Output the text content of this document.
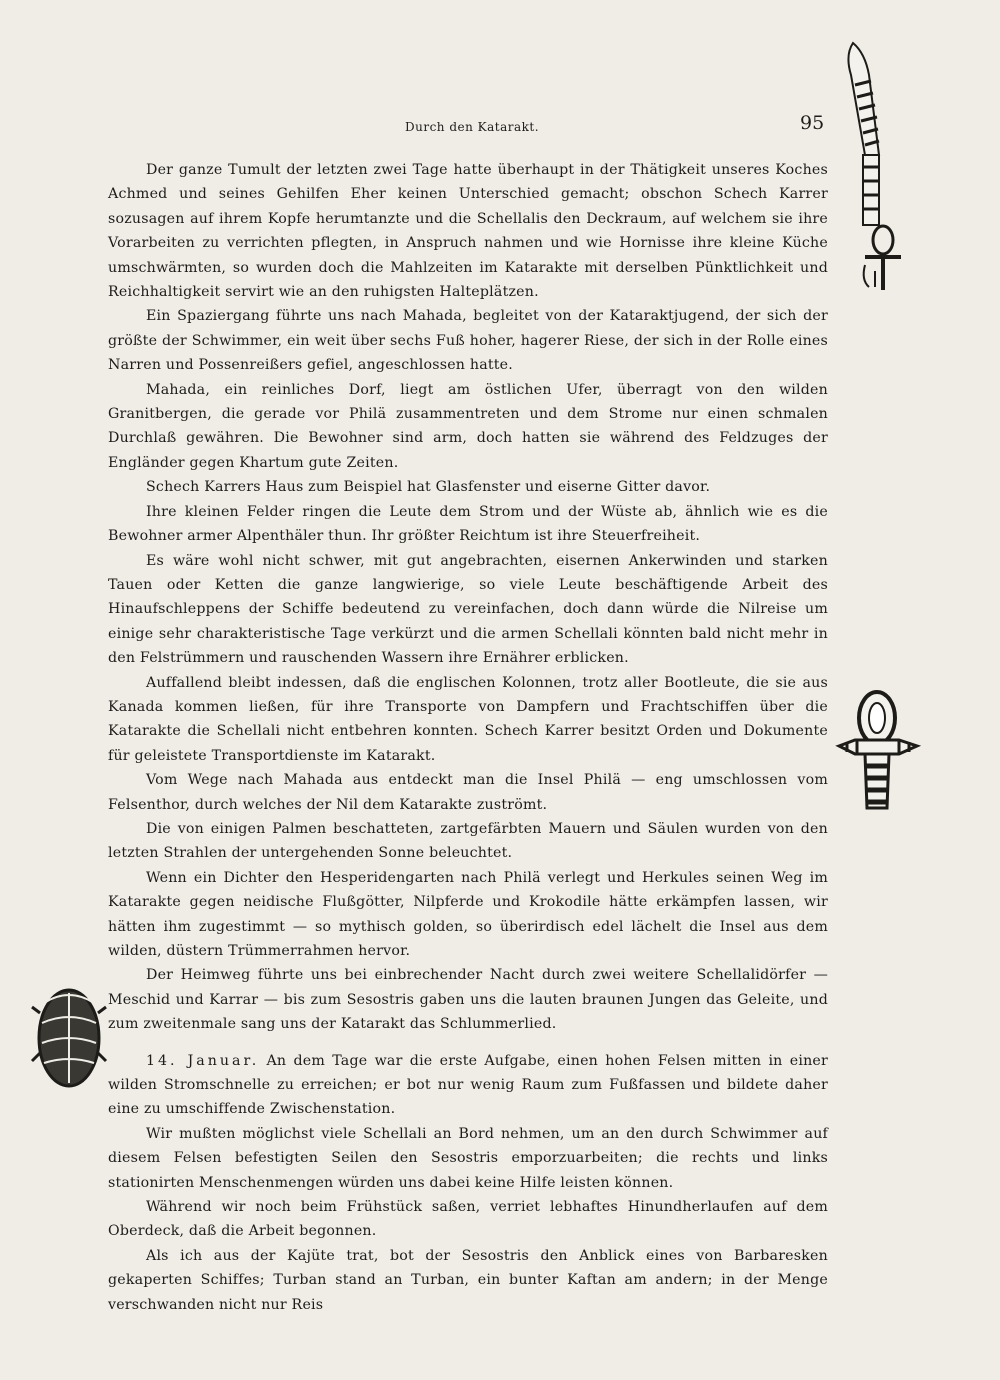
Durch den Katarakt.	95

Der ganze Tumult der letzten zwei Tage hatte überhaupt in der Thätigkeit unseres Koches Achmed und seines Gehilfen Eher keinen Unterschied gemacht; obschon Schech Karrer sozusagen auf ihrem Kopfe herumtanzte und die Schellalis den Deckraum, auf welchem sie ihre Vorarbeiten zu verrichten pflegten, in Anspruch nahmen und wie Hornisse ihre kleine Küche umschwärmten, so wurden doch die Mahlzeiten im Katarakte mit derselben Pünktlichkeit und Reichhaltigkeit servirt wie an den ruhigsten Halteplätzen.

Ein Spaziergang führte uns nach Mahada, begleitet von der Kataraktjugend, der sich der größte der Schwimmer, ein weit über sechs Fuß hoher, hagerer Riese, der sich in der Rolle eines Narren und Possenreißers gefiel, angeschlossen hatte.

Mahada, ein reinliches Dorf, liegt am östlichen Ufer, überragt von den wilden Granitbergen, die gerade vor Philä zusammentreten und dem Strome nur einen schmalen Durchlaß gewähren. Die Bewohner sind arm, doch hatten sie während des Feldzuges der Engländer gegen Khartum gute Zeiten.

Schech Karrers Haus zum Beispiel hat Glasfenster und eiserne Gitter davor.

Ihre kleinen Felder ringen die Leute dem Strom und der Wüste ab, ähnlich wie es die Bewohner armer Alpenthäler thun. Ihr größter Reichtum ist ihre Steuerfreiheit.

Es wäre wohl nicht schwer, mit gut angebrachten, eisernen Ankerwinden und starken Tauen oder Ketten die ganze langwierige, so viele Leute beschäftigende Arbeit des Hinaufschleppens der Schiffe bedeutend zu vereinfachen, doch dann würde die Nilreise um einige sehr charakteristische Tage verkürzt und die armen Schellali könnten bald nicht mehr in den Felstrümmern und rauschenden Wassern ihre Ernährer erblicken.

Auffallend bleibt indessen, daß die englischen Kolonnen, trotz aller Bootleute, die sie aus Kanada kommen ließen, für ihre Transporte von Dampfern und Frachtschiffen über die Katarakte die Schellali nicht entbehren konnten. Schech Karrer besitzt Orden und Dokumente für geleistete Transportdienste im Katarakt.

Vom Wege nach Mahada aus entdeckt man die Insel Philä — eng umschlossen vom Felsenthor, durch welches der Nil dem Katarakte zuströmt.

Die von einigen Palmen beschatteten, zartgefärbten Mauern und Säulen wurden von den letzten Strahlen der untergehenden Sonne beleuchtet.

Wenn ein Dichter den Hesperidengarten nach Philä verlegt und Herkules seinen Weg im Katarakte gegen neidische Flußgötter, Nilpferde und Krokodile hätte erkämpfen lassen, wir hätten ihm zugestimmt — so mythisch golden, so überirdisch edel lächelt die Insel aus dem wilden, düstern Trümmerrahmen hervor.

Der Heimweg führte uns bei einbrechender Nacht durch zwei weitere Schellalidörfer — Meschid und Karrar — bis zum Sesostris gaben uns die lauten braunen Jungen das Geleite, und zum zweitenmale sang uns der Katarakt das Schlummerlied.

14. Januar. An dem Tage war die erste Aufgabe, einen hohen Felsen mitten in einer wilden Stromschnelle zu erreichen; er bot nur wenig Raum zum Fußfassen und bildete daher eine zu umschiffende Zwischenstation.

Wir mußten möglichst viele Schellali an Bord nehmen, um an den durch Schwimmer auf diesem Felsen befestigten Seilen den Sesostris emporzuarbeiten; die rechts und links stationirten Menschenmengen würden uns dabei keine Hilfe leisten können.

Während wir noch beim Frühstück saßen, verriet lebhaftes Hinundherlaufen auf dem Oberdeck, daß die Arbeit begonnen.

Als ich aus der Kajüte trat, bot der Sesostris den Anblick eines von Barbaresken gekaperten Schiffes; Turban stand an Turban, ein bunter Kaftan am andern; in der Menge verschwanden nicht nur Reis
